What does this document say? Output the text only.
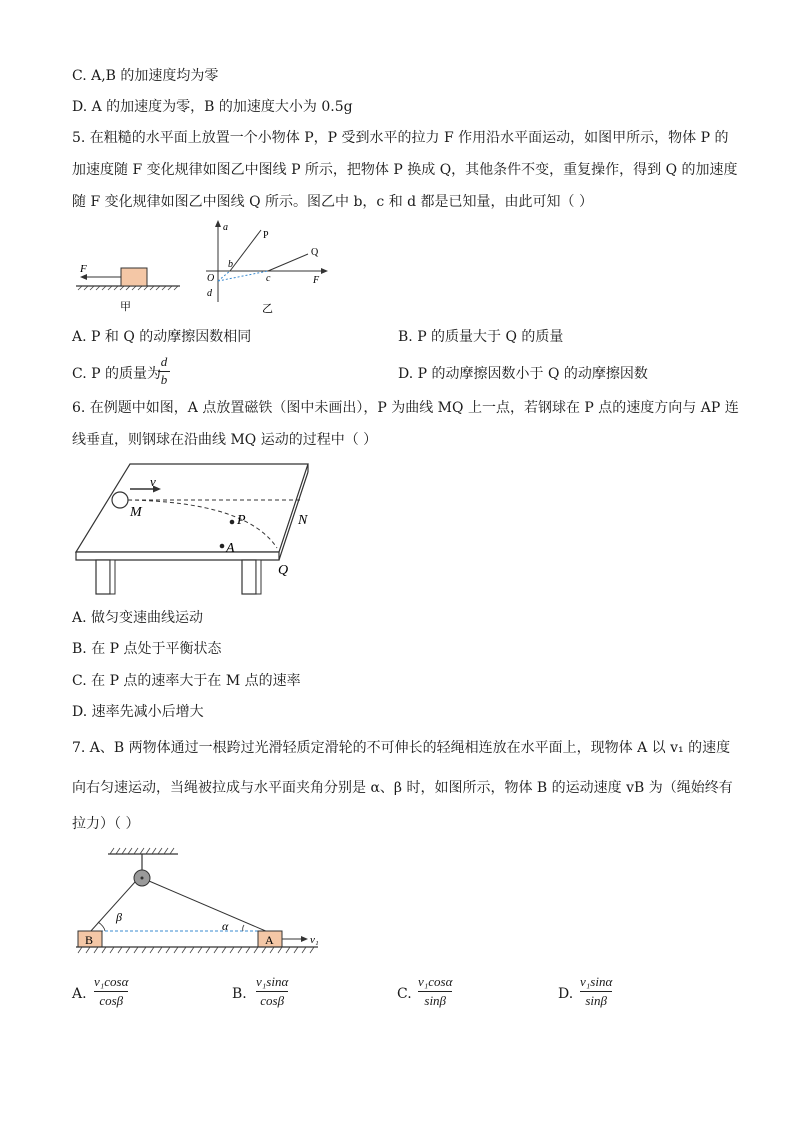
C. A,B 的加速度均为零
D. A 的加速度为零，B 的加速度大小为 0.5g
5. 在粗糙的水平面上放置一个小物体 P，P 受到水平的拉力 F 作用沿水平面运动，如图甲所示，物体 P 的
加速度随 F 变化规律如图乙中图线 P 所示，把物体 P 换成 Q，其他条件不变，重复操作，得到 Q 的加速度
随 F 变化规律如图乙中图线 Q 所示。图乙中 b，c 和 d 都是已知量，由此可知（ ）
F
甲
a
P
Q
b
c
O
d
F
乙
A. P 和 Q 的动摩擦因数相同	B. P 的质量大于 Q 的质量
C. P 的质量为
$\frac{d}{b}$	D. P 的动摩擦因数小于 Q 的动摩擦因数
6. 在例题中如图，A 点放置磁铁（图中未画出），P 为曲线 MQ 上一点，若钢球在 P 点的速度方向与 AP 连
线垂直，则钢球在沿曲线 MQ 运动的过程中（ ）
v
M
P
A
N
Q
A. 做匀变速曲线运动
B. 在 P 点处于平衡状态
C. 在 P 点的速率大于在 M 点的速率
D. 速率先减小后增大
7. A、B 两物体通过一根跨过光滑轻质定滑轮的不可伸长的轻绳相连放在水平面上，现物体 A 以 v₁ 的速度
向右匀速运动，当绳被拉成与水平面夹角分别是 α、β 时，如图所示，物体 B 的运动速度 vB 为（绳始终有
拉力）（ ）
B	A
β
α
v₁
A. $\frac{\text{v₁cosα}}{\cos\beta}$	B. $\frac{\text{v₁sinα}}{\cos\beta}$	C. $\frac{\text{v₁cosα}}{\sin\beta}$	D. $\frac{\text{v₁sinα}}{\sin\beta}$
